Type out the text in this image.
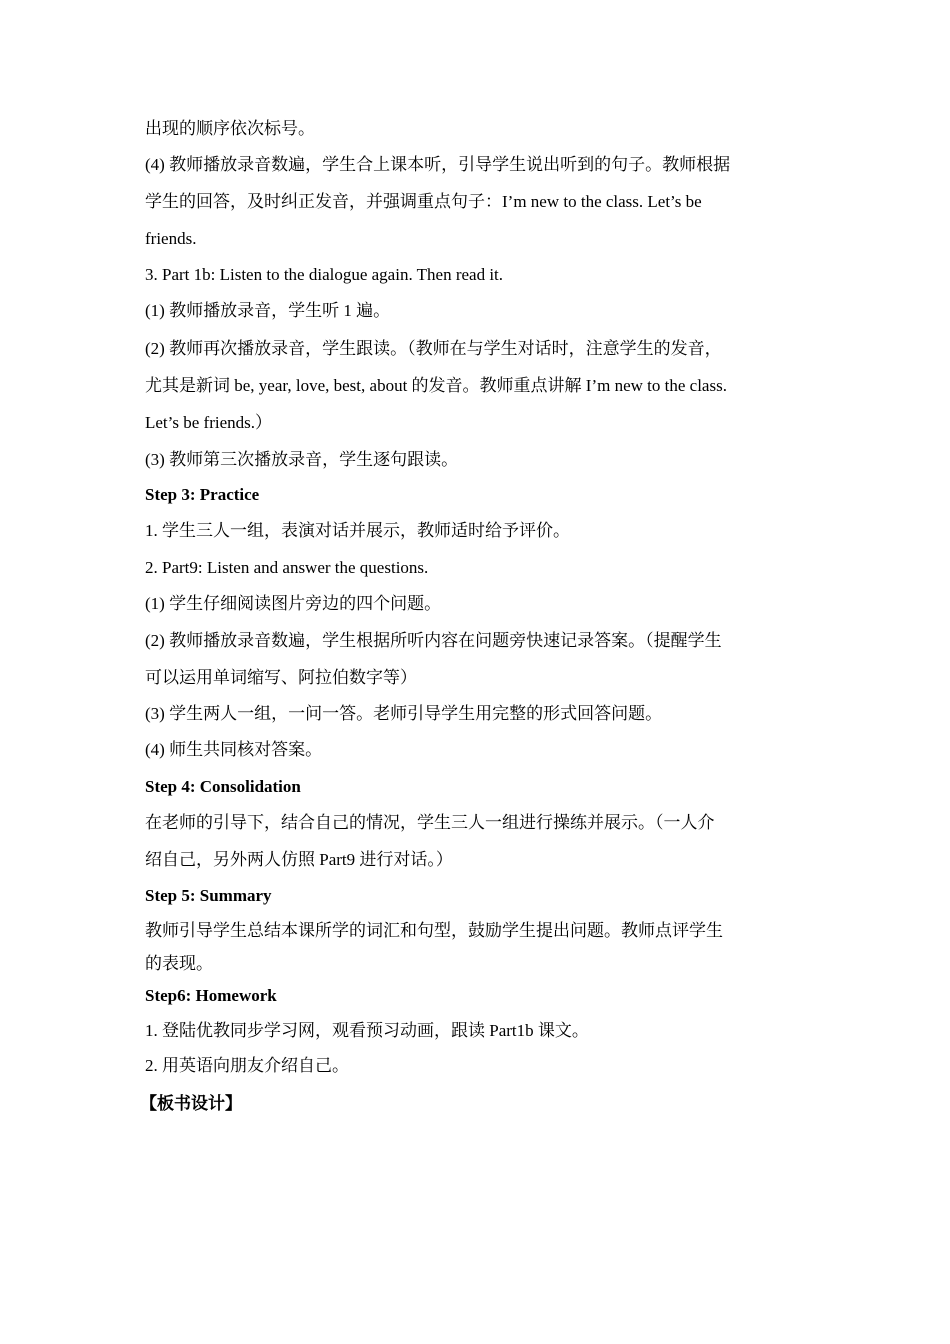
出现的顺序依次标号。
(4) 教师播放录音数遍，学生合上课本听，引导学生说出听到的句子。教师根据
学生的回答，及时纠正发音，并强调重点句子：I’m new to the class. Let’s be
friends.
3. Part 1b: Listen to the dialogue again. Then read it.
(1) 教师播放录音，学生听 1 遍。
(2) 教师再次播放录音，学生跟读。（教师在与学生对话时，注意学生的发音，
尤其是新词 be, year, love, best, about 的发音。教师重点讲解 I’m new to the class.
Let’s be friends.）
(3) 教师第三次播放录音，学生逐句跟读。
Step 3: Practice
1. 学生三人一组，表演对话并展示，教师适时给予评价。
2. Part9: Listen and answer the questions.
(1) 学生仔细阅读图片旁边的四个问题。
(2) 教师播放录音数遍，学生根据所听内容在问题旁快速记录答案。（提醒学生
可以运用单词缩写、阿拉伯数字等）
(3) 学生两人一组，一问一答。老师引导学生用完整的形式回答问题。
(4) 师生共同核对答案。
Step 4: Consolidation
在老师的引导下，结合自己的情况，学生三人一组进行操练并展示。（一人介
绍自己，另外两人仿照 Part9 进行对话。）
Step 5: Summary
教师引导学生总结本课所学的词汇和句型，鼓励学生提出问题。教师点评学生
的表现。
Step6: Homework
1. 登陆优教同步学习网，观看预习动画，跟读 Part1b 课文。
2. 用英语向朋友介绍自己。
【板书设计】
